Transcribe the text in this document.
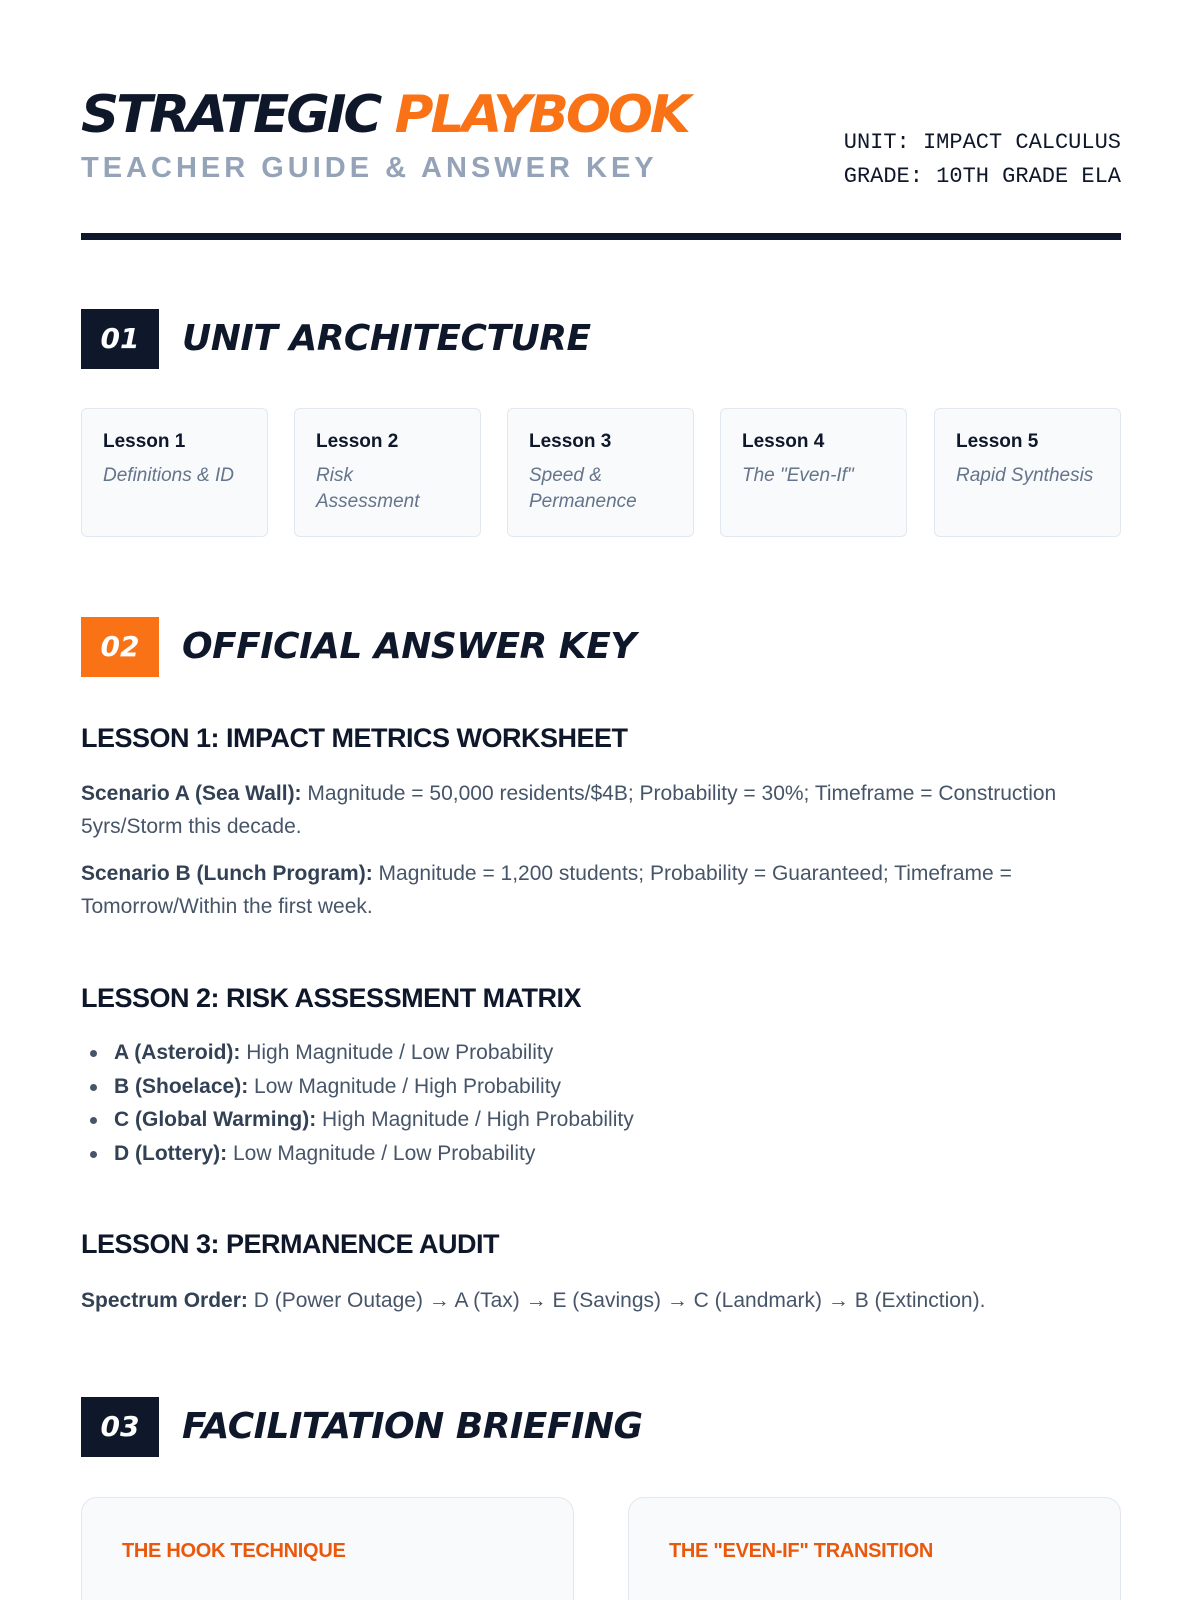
STRATEGIC PLAYBOOK
TEACHER GUIDE & ANSWER KEY
UNIT: IMPACT CALCULUS
GRADE: 10TH GRADE ELA
01	UNIT ARCHITECTURE
Lesson 1
Definitions & ID
Lesson 2
Risk Assessment
Lesson 3
Speed & Permanence
Lesson 4
The "Even-If"
Lesson 5
Rapid Synthesis
02	OFFICIAL ANSWER KEY
LESSON 1: IMPACT METRICS WORKSHEET
Scenario A (Sea Wall): Magnitude = 50,000 residents/$4B; Probability = 30%; Timeframe = Construction 5yrs/Storm this decade.
Scenario B (Lunch Program): Magnitude = 1,200 students; Probability = Guaranteed; Timeframe = Tomorrow/Within the first week.
LESSON 2: RISK ASSESSMENT MATRIX
A (Asteroid): High Magnitude / Low Probability
B (Shoelace): Low Magnitude / High Probability
C (Global Warming): High Magnitude / High Probability
D (Lottery): Low Magnitude / Low Probability
LESSON 3: PERMANENCE AUDIT
Spectrum Order: D (Power Outage) → A (Tax) → E (Savings) → C (Landmark) → B (Extinction).
03	FACILITATION BRIEFING
THE HOOK TECHNIQUE	THE "EVEN-IF" TRANSITION
